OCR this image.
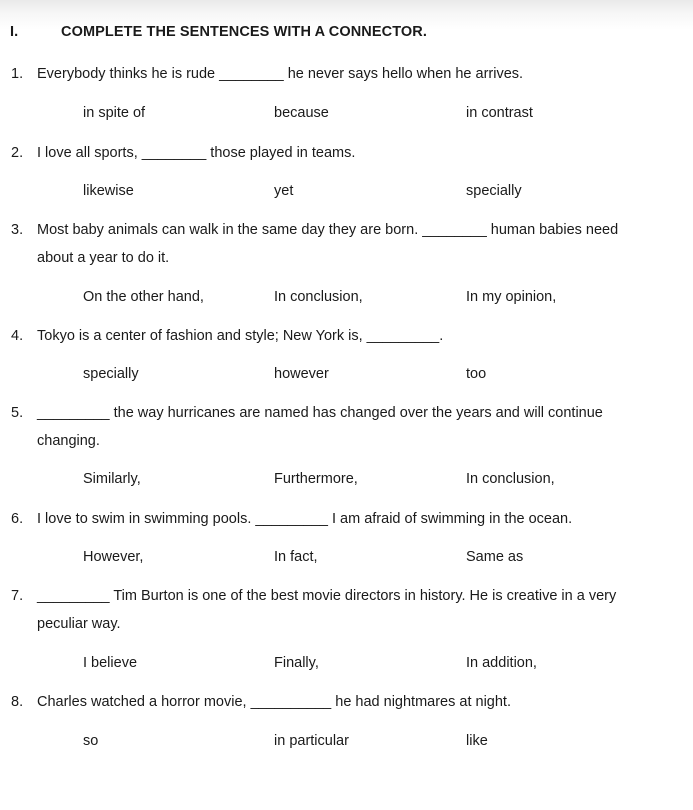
I.	COMPLETE THE SENTENCES WITH A CONNECTOR.
1. Everybody thinks he is rude ________ he never says hello when he arrives.
in spite of	because	in contrast
2. I love all sports, ________ those played in teams.
likewise	yet	specially
3. Most baby animals can walk in the same day they are born. ________ human babies need
about a year to do it.
On the other hand,	In conclusion,	In my opinion,
4. Tokyo is a center of fashion and style; New York is, _________.
specially	however	too
5. _________ the way hurricanes are named has changed over the years and will continue
changing.
Similarly,	Furthermore,	In conclusion,
6. I love to swim in swimming pools. _________ I am afraid of swimming in the ocean.
However,	In fact,	Same as
7. _________ Tim Burton is one of the best movie directors in history. He is creative in a very
peculiar way.
I believe	Finally,	In addition,
8. Charles watched a horror movie, __________ he had nightmares at night.
so	in particular	like
